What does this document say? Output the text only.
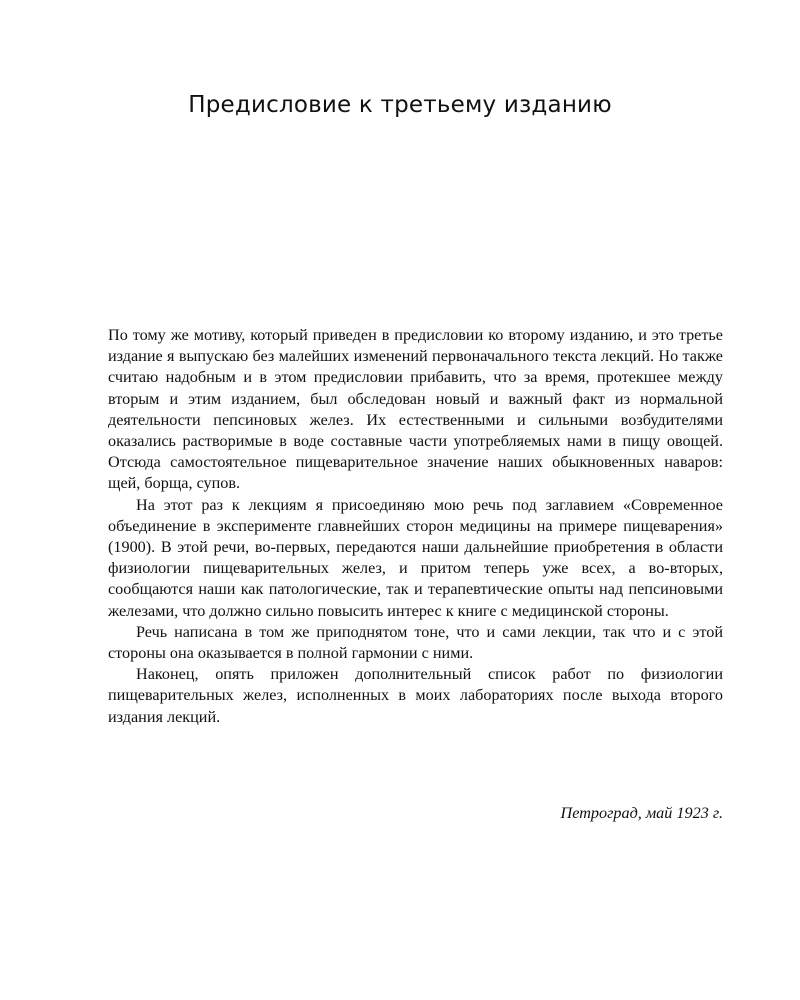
Предисловие к третьему изданию

По тому же мотиву, который приведен в предисловии ко второму изданию, и это третье издание я выпускаю без малейших изменений первоначального текста лекций. Но также считаю надобным и в этом предисловии прибавить, что за время, протекшее между вторым и этим изданием, был обследован новый и важный факт из нормальной деятельности пепсиновых желез. Их естественными и сильными возбудителями оказались растворимые в воде составные части употребляемых нами в пищу овощей. Отсюда самостоятельное пищеварительное значение наших обыкновенных наваров: щей, борща, супов.

На этот раз к лекциям я присоединяю мою речь под заглавием «Современное объединение в эксперименте главнейших сторон медицины на примере пищеварения» (1900). В этой речи, во-первых, передаются наши дальнейшие приобретения в области физиологии пищеварительных желез, и притом теперь уже всех, а во-вторых, сообщаются наши как патологические, так и терапевтические опыты над пепсиновыми железами, что должно сильно повысить интерес к книге с медицинской стороны.

Речь написана в том же приподнятом тоне, что и сами лекции, так что и с этой стороны она оказывается в полной гармонии с ними.

Наконец, опять приложен дополнительный список работ по физиологии пищеварительных желез, исполненных в моих лабораториях после выхода второго издания лекций.

Петроград, май 1923 г.
